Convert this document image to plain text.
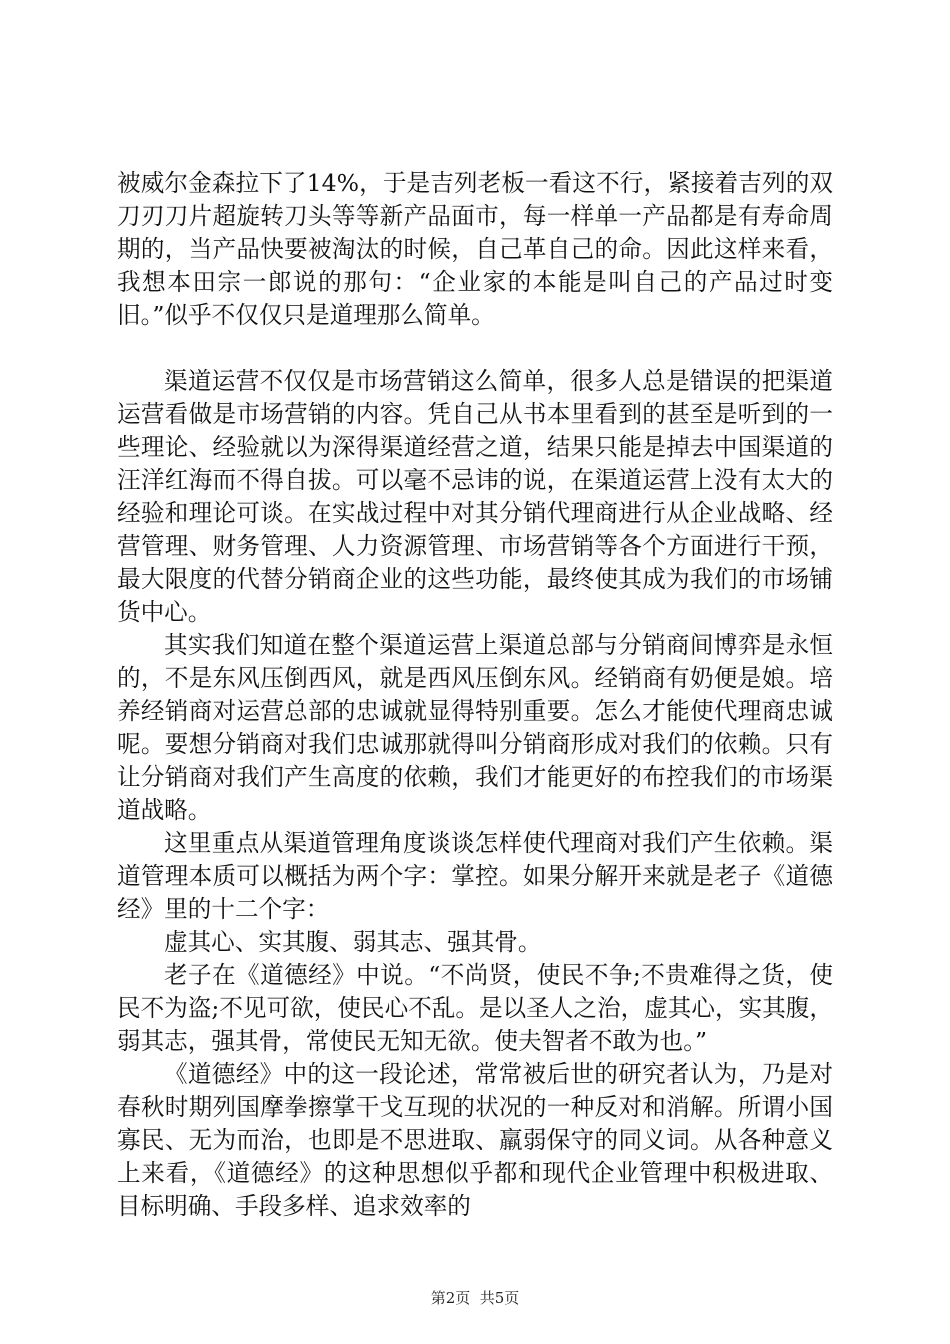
被威尔金森拉下了14%，于是吉列老板一看这不行，紧接着吉列的双刀刃刀片超旋转刀头等等新产品面市，每一样单一产品都是有寿命周期的，当产品快要被淘汰的时候，自己革自己的命。因此这样来看，我想本田宗一郎说的那句：“企业家的本能是叫自己的产品过时变旧。”似乎不仅仅只是道理那么简单。

渠道运营不仅仅是市场营销这么简单，很多人总是错误的把渠道运营看做是市场营销的内容。凭自己从书本里看到的甚至是听到的一些理论、经验就以为深得渠道经营之道，结果只能是掉去中国渠道的汪洋红海而不得自拔。可以毫不忌讳的说，在渠道运营上没有太大的经验和理论可谈。在实战过程中对其分销代理商进行从企业战略、经营管理、财务管理、人力资源管理、市场营销等各个方面进行干预，最大限度的代替分销商企业的这些功能，最终使其成为我们的市场铺货中心。

其实我们知道在整个渠道运营上渠道总部与分销商间博弈是永恒的，不是东风压倒西风，就是西风压倒东风。经销商有奶便是娘。培养经销商对运营总部的忠诚就显得特别重要。怎么才能使代理商忠诚呢。要想分销商对我们忠诚那就得叫分销商形成对我们的依赖。只有让分销商对我们产生高度的依赖，我们才能更好的布控我们的市场渠道战略。

这里重点从渠道管理角度谈谈怎样使代理商对我们产生依赖。渠道管理本质可以概括为两个字：掌控。如果分解开来就是老子《道德经》里的十二个字：

虚其心、实其腹、弱其志、强其骨。

老子在《道德经》中说。“不尚贤，使民不争;不贵难得之货，使民不为盗;不见可欲，使民心不乱。是以圣人之治，虚其心，实其腹，弱其志，强其骨，常使民无知无欲。使夫智者不敢为也。”

《道德经》中的这一段论述，常常被后世的研究者认为，乃是对春秋时期列国摩拳擦掌干戈互现的状况的一种反对和消解。所谓小国寡民、无为而治，也即是不思进取、羸弱保守的同义词。从各种意义上来看，《道德经》的这种思想似乎都和现代企业管理中积极进取、目标明确、手段多样、追求效率的

第2页  共5页
